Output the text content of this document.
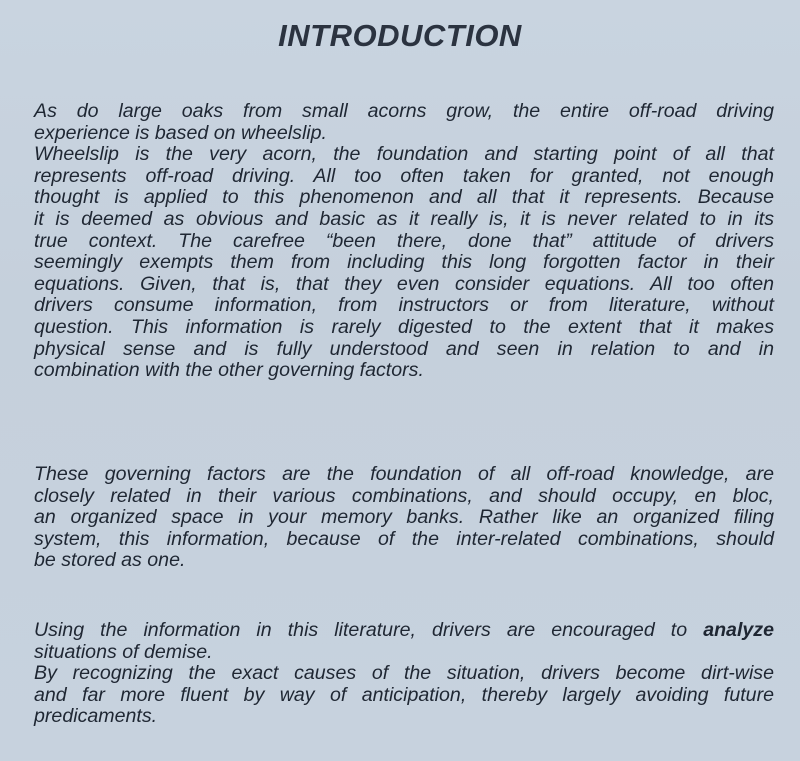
INTRODUCTION
As do large oaks from small acorns grow, the entire off-road driving
experience is based on wheelslip.
Wheelslip is the very acorn, the foundation and starting point of all that
represents off-road driving. All too often taken for granted, not enough
thought is applied to this phenomenon and all that it represents. Because
it is deemed as obvious and basic as it really is, it is never related to in its
true context. The carefree “been there, done that” attitude of drivers
seemingly exempts them from including this long forgotten factor in their
equations. Given, that is, that they even consider equations. All too often
drivers consume information, from instructors or from literature, without
question. This information is rarely digested to the extent that it makes
physical sense and is fully understood and seen in relation to and in
combination with the other governing factors.
These governing factors are the foundation of all off-road knowledge, are
closely related in their various combinations, and should occupy, en bloc,
an organized space in your memory banks. Rather like an organized filing
system, this information, because of the inter-related combinations, should
be stored as one.
Using the information in this literature, drivers are encouraged to analyze
situations of demise.
By recognizing the exact causes of the situation, drivers become dirt-wise
and far more fluent by way of anticipation, thereby largely avoiding future
predicaments.
